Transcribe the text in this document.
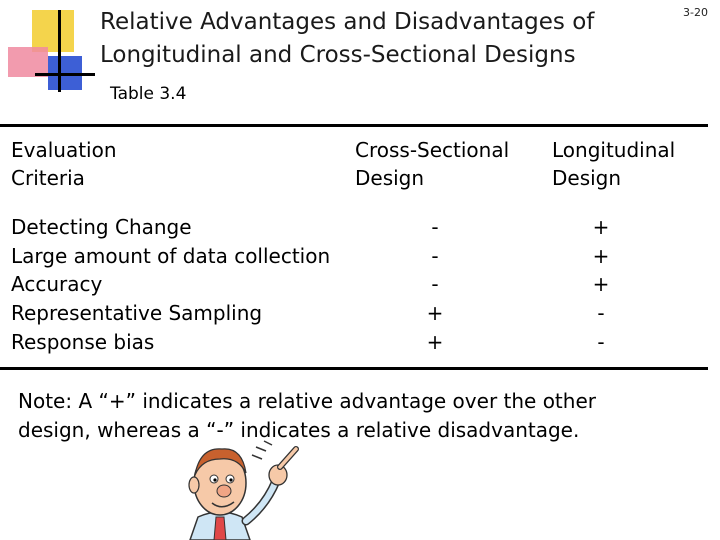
Relative Advantages and Disadvantages of
Longitudinal and Cross-Sectional Designs
3-20
Table 3.4
Evaluation
Criteria
Cross-Sectional
Design
Longitudinal
Design
Detecting Change
Large amount of data collection
Accuracy
Representative Sampling
Response bias
-
-
-
+
+
+
+
+
-
-
Note: A “+” indicates a relative advantage over the other
design, whereas a “-” indicates a relative disadvantage.
